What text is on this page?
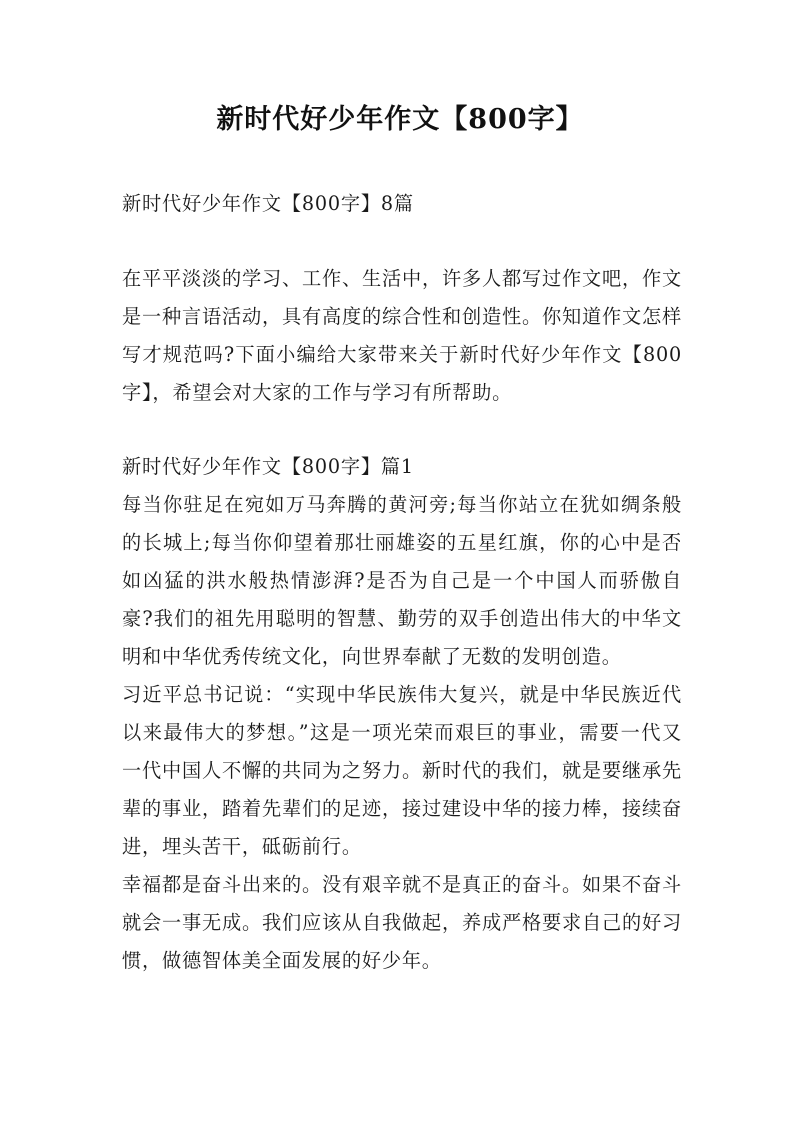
新时代好少年作文【800字】

新时代好少年作文【800字】8篇

在平平淡淡的学习、工作、生活中，许多人都写过作文吧，作文是一种言语活动，具有高度的综合性和创造性。你知道作文怎样写才规范吗?下面小编给大家带来关于新时代好少年作文【800字】，希望会对大家的工作与学习有所帮助。

新时代好少年作文【800字】篇1

每当你驻足在宛如万马奔腾的黄河旁;每当你站立在犹如绸条般的长城上;每当你仰望着那壮丽雄姿的五星红旗，你的心中是否如凶猛的洪水般热情澎湃?是否为自己是一个中国人而骄傲自豪?我们的祖先用聪明的智慧、勤劳的双手创造出伟大的中华文明和中华优秀传统文化，向世界奉献了无数的发明创造。

习近平总书记说：“实现中华民族伟大复兴，就是中华民族近代以来最伟大的梦想。”这是一项光荣而艰巨的事业，需要一代又一代中国人不懈的共同为之努力。新时代的我们，就是要继承先辈的事业，踏着先辈们的足迹，接过建设中华的接力棒，接续奋进，埋头苦干，砥砺前行。

幸福都是奋斗出来的。没有艰辛就不是真正的奋斗。如果不奋斗就会一事无成。我们应该从自我做起，养成严格要求自己的好习惯，做德智体美全面发展的好少年。
